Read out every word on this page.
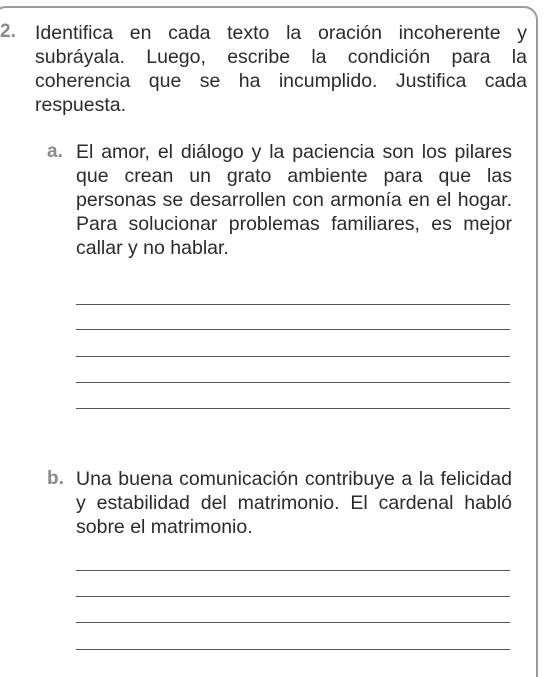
2. Identifica en cada texto la oración incoherente y subráyala. Luego, escribe la condición para la coherencia que se ha incumplido. Justifica cada respuesta.
a. El amor, el diálogo y la paciencia son los pilares que crean un grato ambiente para que las personas se desarrollen con armonía en el hogar. Para solucionar problemas familiares, es mejor callar y no hablar.
b. Una buena comunicación contribuye a la felicidad y estabilidad del matrimonio. El cardenal habló sobre el matrimonio.
